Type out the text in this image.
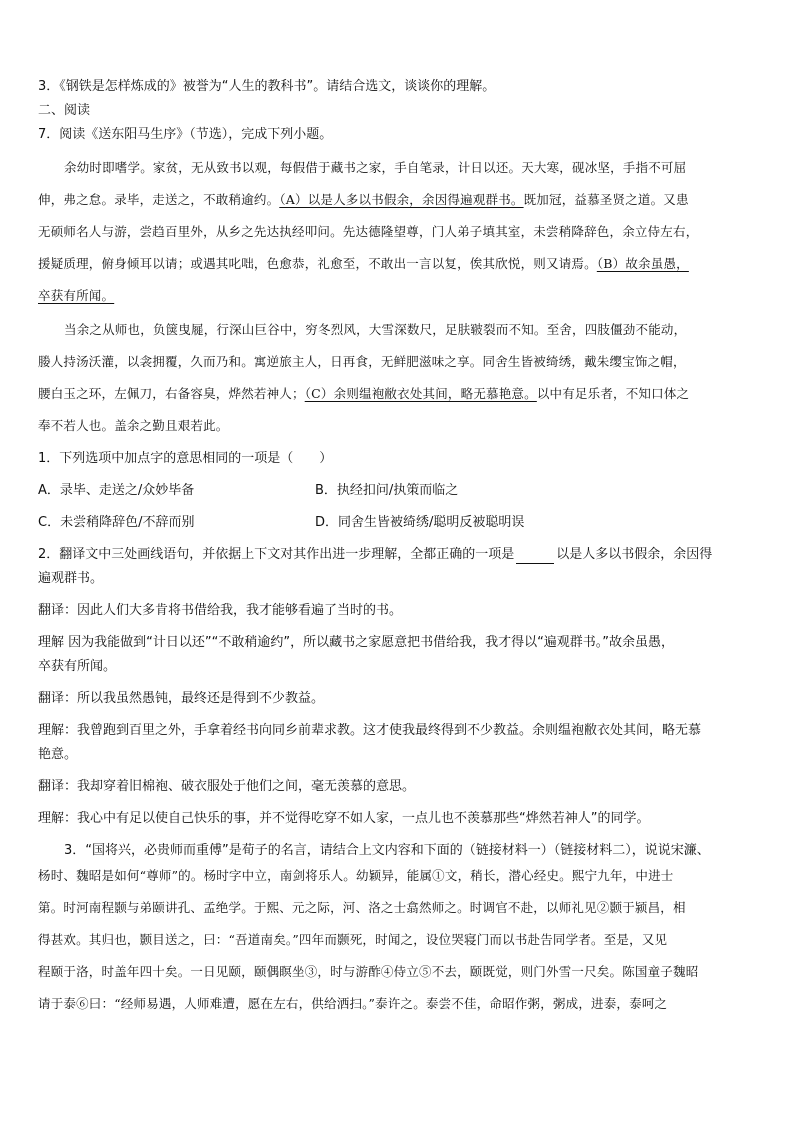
3．《钢铁是怎样炼成的》被誉为“人生的教科书”。请结合选文，谈谈你的理解。

二、阅读

7．阅读《送东阳马生序》（节选），完成下列小题。

余幼时即嗜学。家贫，无从致书以观，每假借于藏书之家，手自笔录，计日以还。天大寒，砚冰坚，手指不可屈

伸，弗之怠。录毕，走送之，不敢稍逾约。（A）以是人多以书假余，余因得遍观群书。既加冠，益慕圣贤之道。又患

无硕师名人与游，尝趋百里外，从乡之先达执经叩问。先达德隆望尊，门人弟子填其室，未尝稍降辞色，余立侍左右，

援疑质理，俯身倾耳以请；或遇其叱咄，色愈恭，礼愈至，不敢出一言以复，俟其欣悦，则又请焉。（B）故余虽愚，

卒获有所闻。

当余之从师也，负箧曳屣，行深山巨谷中，穷冬烈风，大雪深数尺，足肤皲裂而不知。至舍，四肢僵劲不能动，

媵人持汤沃灌，以衾拥覆，久而乃和。寓逆旅主人，日再食，无鲜肥滋味之享。同舍生皆被绮绣，戴朱缨宝饰之帽，

腰白玉之环，左佩刀，右备容臭，烨然若神人；（C）余则缊袍敝衣处其间，略无慕艳意。以中有足乐者，不知口体之

奉不若人也。盖余之勤且艰若此。

1．下列选项中加点字的意思相同的一项是（　　）

A．录毕、走送之/众妙毕备	B．执经扣问/执策而临之
C．未尝稍降辞色/不辞而别	D．同舍生皆被绮绣/聪明反被聪明误

2．翻译文中三处画线语句，并依据上下文对其作出进一步理解，全都正确的一项是	以是人多以书假余，余因得

遍观群书。

翻译：因此人们大多肯将书借给我，我才能够看遍了当时的书。

理解 因为我能做到“计日以还”“不敢稍逾约”，所以藏书之家愿意把书借给我，我才得以“遍观群书。”故余虽愚，

卒获有所闻。

翻译：所以我虽然愚钝，最终还是得到不少教益。

理解：我曾跑到百里之外，手拿着经书向同乡前辈求教。这才使我最终得到不少教益。余则缊袍敝衣处其间，略无慕

艳意。

翻译：我却穿着旧棉袍、破衣服处于他们之间，毫无羡慕的意思。

理解：我心中有足以使自己快乐的事，并不觉得吃穿不如人家，一点儿也不羡慕那些“烨然若神人”的同学。

3．“国将兴，必贵师而重傅”是荀子的名言，请结合上文内容和下面的（链接材料一）（链接材料二），说说宋濂、

杨时、魏昭是如何“尊师”的。杨时字中立，南剑将乐人。幼颖异，能属①文，稍长，潜心经史。熙宁九年，中进士

第。时河南程颢与弟颐讲孔、孟绝学。于熙、元之际，河、洛之士翕然师之。时调官不赴，以师礼见②颢于颍昌，相

得甚欢。其归也，颢目送之，曰：“吾道南矣。”四年而颢死，时闻之，设位哭寝门而以书赴告同学者。至是，又见

程颐于洛，时盖年四十矣。一日见颐，颐偶瞑坐③，时与游酢④侍立⑤不去，颐既觉，则门外雪一尺矣。陈国童子魏昭

请于泰⑥曰：“经师易遇，人师难遭，愿在左右，供给洒扫。”泰许之。泰尝不佳，命昭作粥，粥成，进泰，泰呵之
